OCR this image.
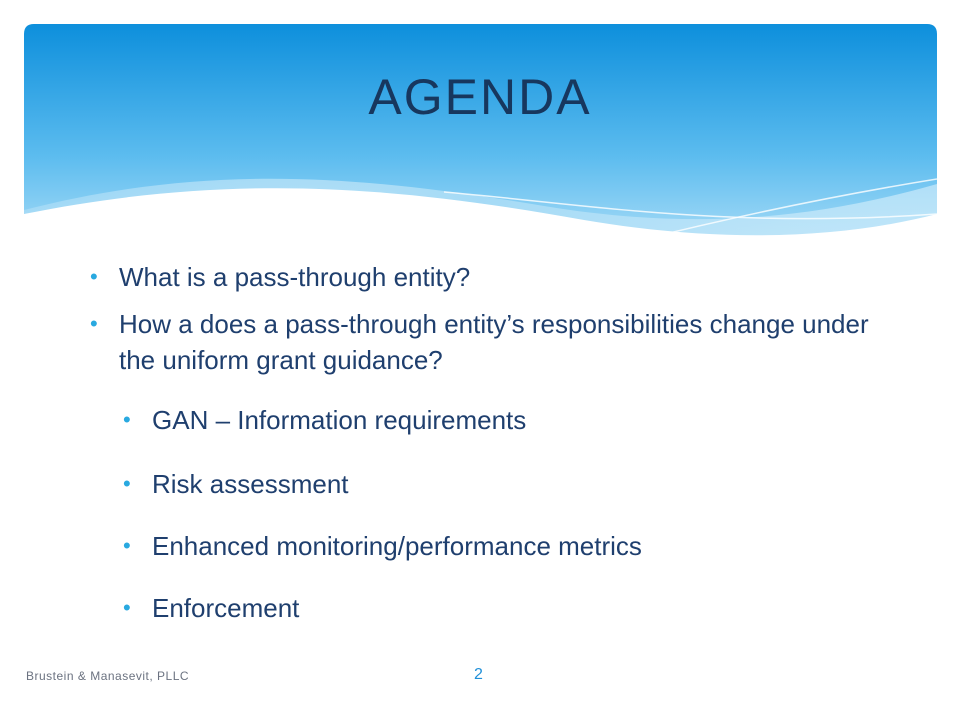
AGENDA
• What is a pass-through entity?
• How a does a pass-through entity’s responsibilities change under the uniform grant guidance?
• GAN – Information requirements
• Risk assessment
• Enhanced monitoring/performance metrics
• Enforcement
Brustein & Manasevit, PLLC	2
